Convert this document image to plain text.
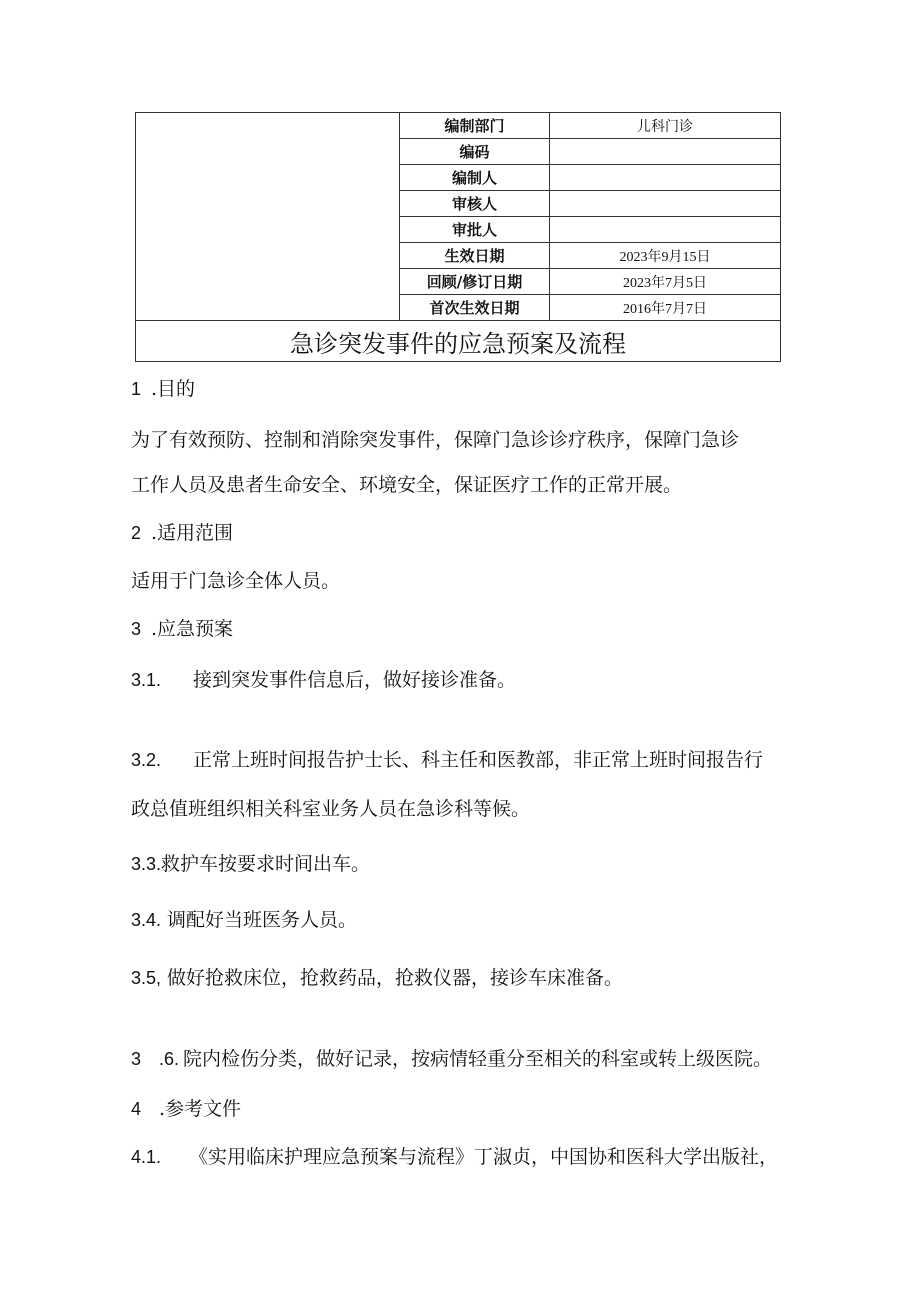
	编制部门	儿科门诊
	编码	
	编制人	
	审核人	
	审批人	
	生效日期	2023年9月15日
	回顾/修订日期	2023年7月5日
	首次生效日期	2016年7月7日
急诊突发事件的应急预案及流程		
1 .目的
为了有效预防、控制和消除突发事件，保障门急诊诊疗秩序，保障门急诊
工作人员及患者生命安全、环境安全，保证医疗工作的正常开展。
2 .适用范围
适用于门急诊全体人员。
3 .应急预案
3.1. 接到突发事件信息后，做好接诊准备。
3.2. 正常上班时间报告护士长、科主任和医教部，非正常上班时间报告行
政总值班组织相关科室业务人员在急诊科等候。
3.3.救护车按要求时间出车。
3.4. 调配好当班医务人员。
3.5, 做好抢救床位，抢救药品，抢救仪器，接诊车床准备。
3 .6. 院内检伤分类，做好记录，按病情轻重分至相关的科室或转上级医院。
4 .参考文件
4.1. 《实用临床护理应急预案与流程》丁淑贞，中国协和医科大学出版社，
